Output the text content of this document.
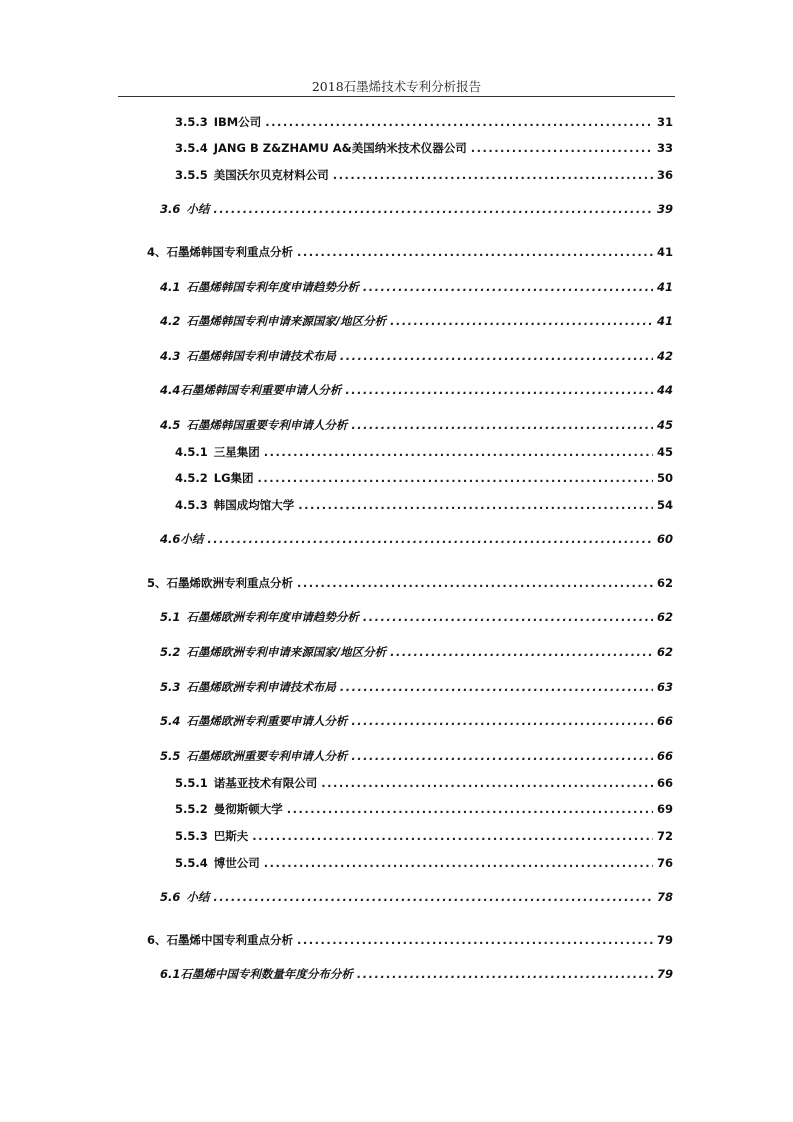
2018石墨烯技术专利分析报告
3.5.3 IBM公司 .....	31
3.5.4 JANG B Z&ZHAMU A&美国纳米技术仪器公司 .....	33
3.5.5 美国沃尔贝克材料公司 .....	36
3.6 小结 .....	39
4、 石墨烯韩国专利重点分析 .....	41
4.1 石墨烯韩国专利年度申请趋势分析 .....	41
4.2 石墨烯韩国专利申请来源国家/地区分析 .....	41
4.3 石墨烯韩国专利申请技术布局 .....	42
4.4 石墨烯韩国专利重要申请人分析 .....	44
4.5 石墨烯韩国重要专利申请人分析 .....	45
4.5.1 三星集团 .....	45
4.5.2 LG集团 .....	50
4.5.3 韩国成均馆大学 .....	54
4.6 小结 .....	60
5、 石墨烯欧洲专利重点分析 .....	62
5.1 石墨烯欧洲专利年度申请趋势分析 .....	62
5.2 石墨烯欧洲专利申请来源国家/地区分析 .....	62
5.3 石墨烯欧洲专利申请技术布局 .....	63
5.4 石墨烯欧洲专利重要申请人分析 .....	66
5.5 石墨烯欧洲重要专利申请人分析 .....	66
5.5.1 诺基亚技术有限公司 .....	66
5.5.2 曼彻斯顿大学 .....	69
5.5.3 巴斯夫 .....	72
5.5.4 博世公司 .....	76
5.6 小结 .....	78
6、 石墨烯中国专利重点分析 .....	79
6.1 石墨烯中国专利数量年度分布分析 .....	79
